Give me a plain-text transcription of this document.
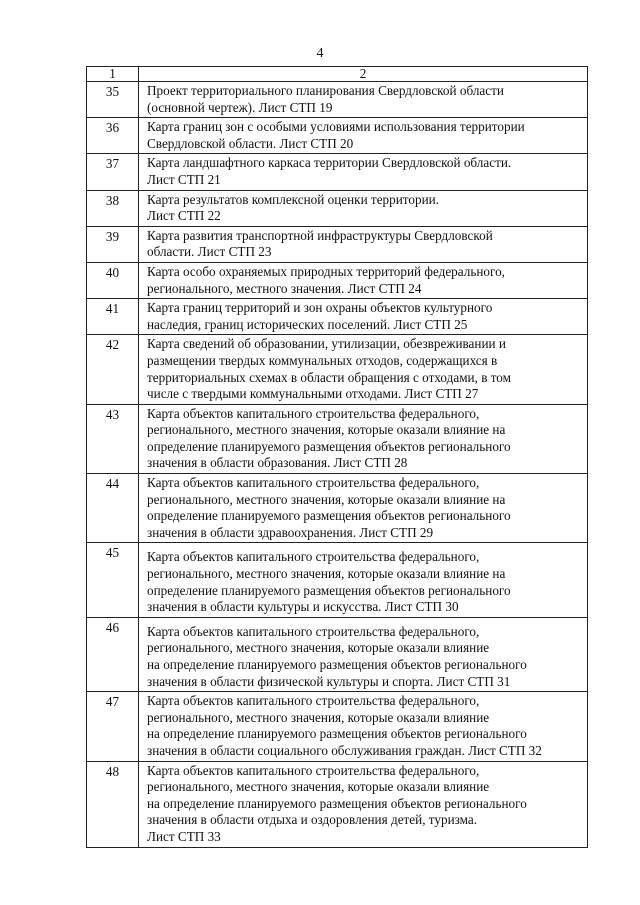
4
1	2
35	Проект территориального планирования Свердловской области
(основной чертеж). Лист СТП 19

36	Карта границ зон с особыми условиями использования территории
Свердловской области. Лист СТП 20

37	Карта ландшафтного каркаса территории Свердловской области.
Лист СТП 21

38	Карта результатов комплексной оценки территории.
Лист СТП 22

39	Карта развития транспортной инфраструктуры Свердловской
области. Лист СТП 23

40	Карта особо охраняемых природных территорий федерального,
регионального, местного значения. Лист СТП 24

41	Карта границ территорий и зон охраны объектов культурного
наследия, границ исторических поселений. Лист СТП 25

42	Карта сведений об образовании, утилизации, обезвреживании и
размещении твердых коммунальных отходов, содержащихся в
территориальных схемах в области обращения с отходами, в том
числе с твердыми коммунальными отходами. Лист СТП 27

43	Карта объектов капитального строительства федерального,
регионального, местного значения, которые оказали влияние на
определение планируемого размещения объектов регионального
значения в области образования. Лист СТП 28

44	Карта объектов капитального строительства федерального,
регионального, местного значения, которые оказали влияние на
определение планируемого размещения объектов регионального
значения в области здравоохранения. Лист СТП 29

45	Карта объектов капитального строительства федерального,
регионального, местного значения, которые оказали влияние на
определение планируемого размещения объектов регионального
значения в области культуры и искусства. Лист СТП 30

46	Карта объектов капитального строительства федерального,
регионального, местного значения, которые оказали влияние
на определение планируемого размещения объектов регионального
значения в области физической культуры и спорта. Лист СТП 31

47	Карта объектов капитального строительства федерального,
регионального, местного значения, которые оказали влияние
на определение планируемого размещения объектов регионального
значения в области социального обслуживания граждан. Лист СТП 32

48	Карта объектов капитального строительства федерального,
регионального, местного значения, которые оказали влияние
на определение планируемого размещения объектов регионального
значения в области отдыха и оздоровления детей, туризма.
Лист СТП 33
